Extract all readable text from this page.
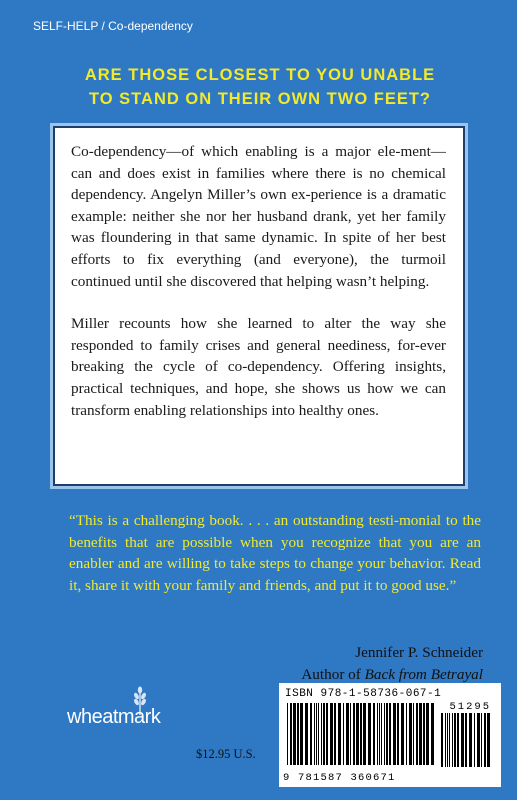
SELF-HELP / Co-dependency
ARE THOSE CLOSEST TO YOU UNABLE
TO STAND ON THEIR OWN TWO FEET?

Co-dependency—of which enabling is a major ele-ment—can and does exist in families where there is no chemical dependency. Angelyn Miller’s own ex-perience is a dramatic example: neither she nor her husband drank, yet her family was floundering in that same dynamic. In spite of her best efforts to fix everything (and everyone), the turmoil continued until she discovered that helping wasn’t helping.

Miller recounts how she learned to alter the way she responded to family crises and general neediness, for-ever breaking the cycle of co-dependency. Offering insights, practical techniques, and hope, she shows us how we can transform enabling relationships into healthy ones.

“This is a challenging book. . . . an outstanding testi-monial to the benefits that are possible when you recognize that you are an enabler and are willing to take steps to change your behavior. Read it, share it with your family and friends, and put it to good use.”
Jennifer P. Schneider
Author of Back from Betrayal
wheatmark
$12.95 U.S.
ISBN 978-1-58736-067-1
51295
9 781587 360671
